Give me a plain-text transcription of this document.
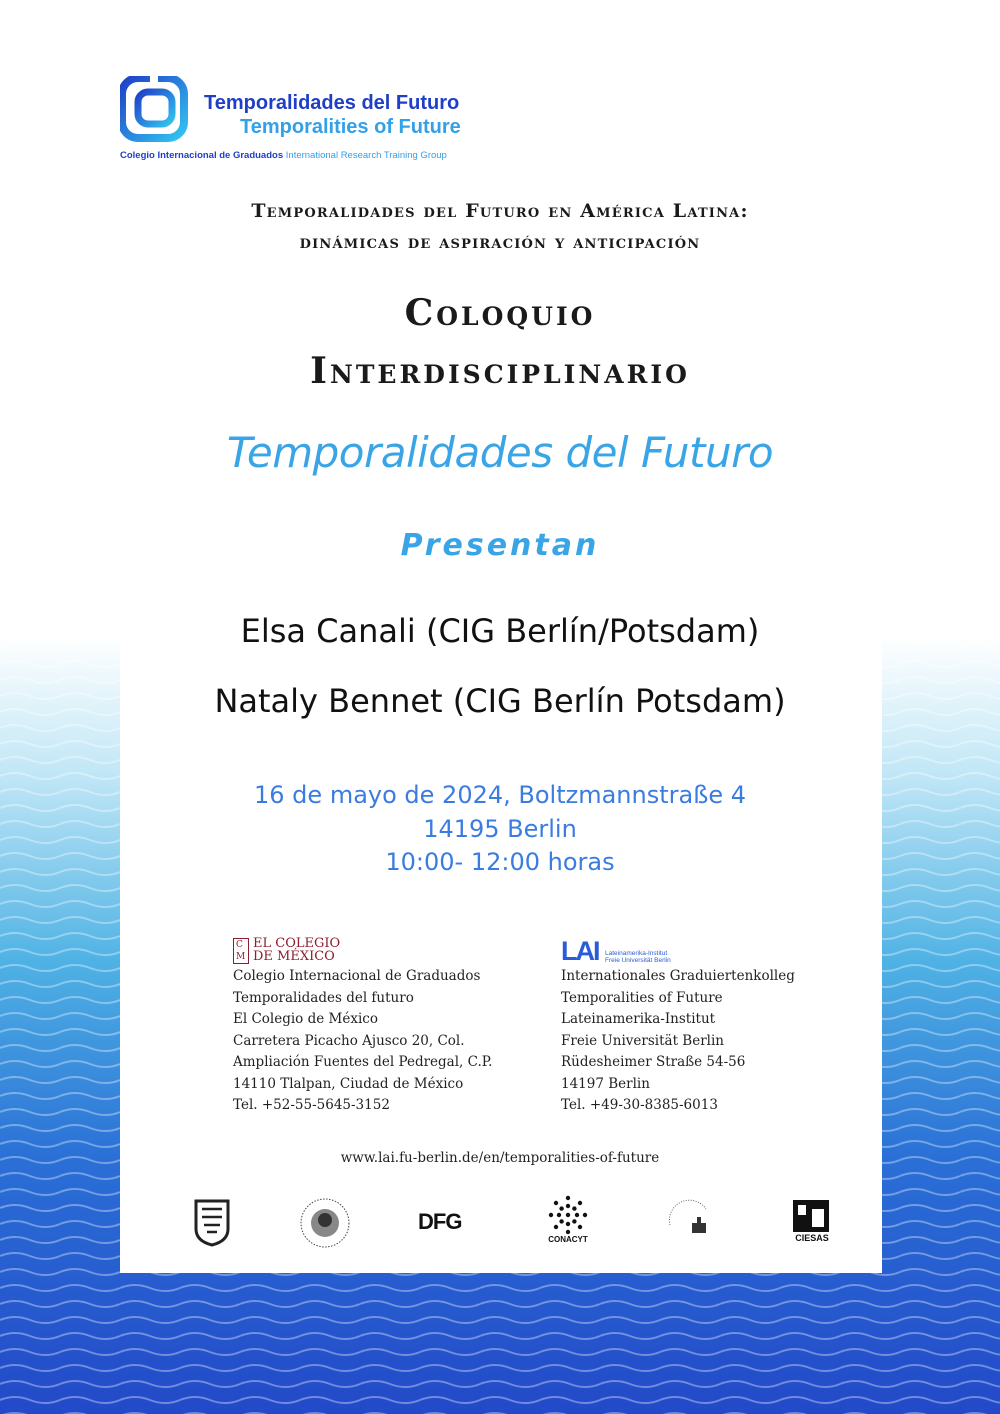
Temporalidades del Futuro
Temporalities of Future
Colegio Internacional de Graduados International Research Training Group
Temporalidades del Futuro en América Latina:
dinámicas de aspiración y anticipación
Coloquio
Interdisciplinario
Temporalidades del Futuro
Presentan
Elsa Canali (CIG Berlín/Potsdam)
Nataly Bennet (CIG Berlín Potsdam)
16 de mayo de 2024, Boltzmannstraße 4
14195 Berlin
10:00- 12:00 horas
C
M
EL COLEGIO
DE MÉXICO	LAI Lateinamerika-Institut
Freie Universität Berlin
Colegio Internacional de Graduados
Temporalidades del futuro
El Colegio de México
Carretera Picacho Ajusco 20, Col.
Ampliación Fuentes del Pedregal, C.P.
14110 Tlalpan, Ciudad de México
Tel. +52-55-5645-3152
Internationales Graduiertenkolleg
Temporalities of Future
Lateinamerika-Institut
Freie Universität Berlin
Rüdesheimer Straße 54-56
14197 Berlin
Tel. +49-30-8385-6013
www.lai.fu-berlin.de/en/temporalities-of-future
DFG
CONACYT	CIESAS
